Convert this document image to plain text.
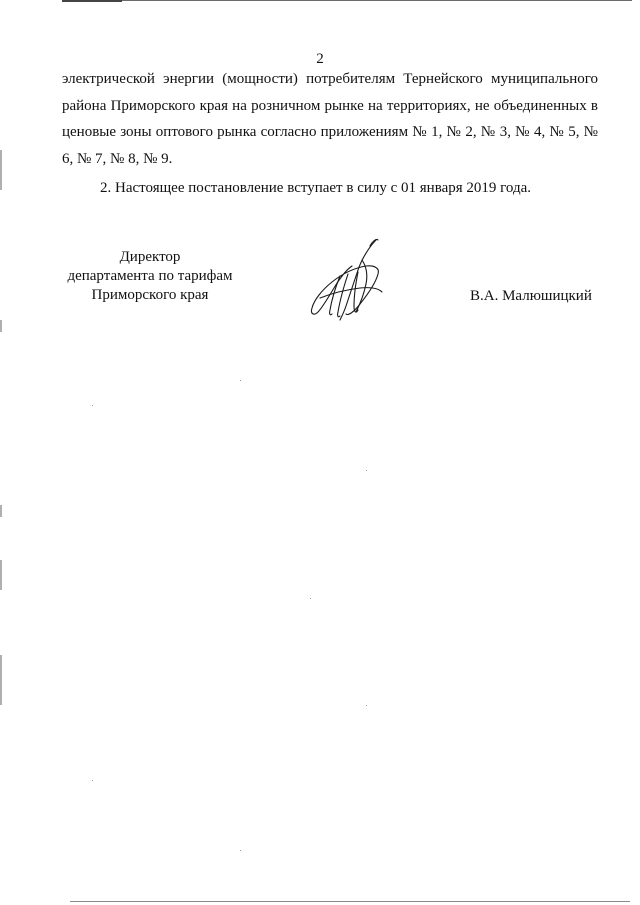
2

электрической энергии (мощности) потребителям Тернейского муниципального района Приморского края на розничном рынке на территориях, не объединенных в ценовые зоны оптового рынка согласно приложениям № 1, № 2, № 3, № 4, № 5, № 6, № 7, № 8, № 9.

2. Настоящее постановление вступает в силу с 01 января 2019 года.

Директор
департамента по тарифам
Приморского края	В.А. Малюшицкий
